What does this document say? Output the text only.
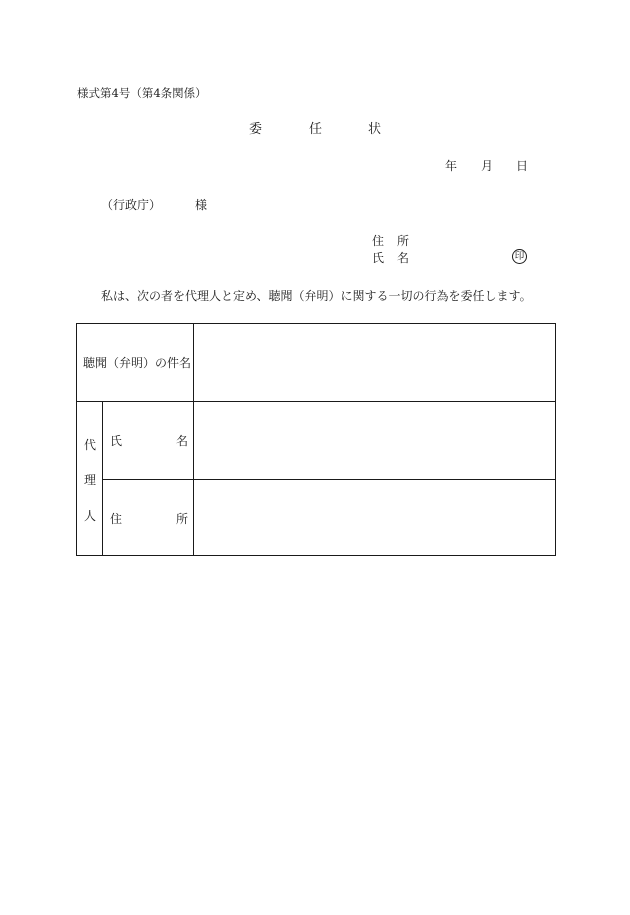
様式第4号（第4条関係）
委	任	状
年 月 日
（行政庁）	様
住 所
氏 名	印
私は、次の者を代理人と定め、聴聞（弁明）に関する一切の行為を委任します。
聴聞（弁明）の件名
代
理
人
氏	名
住	所
